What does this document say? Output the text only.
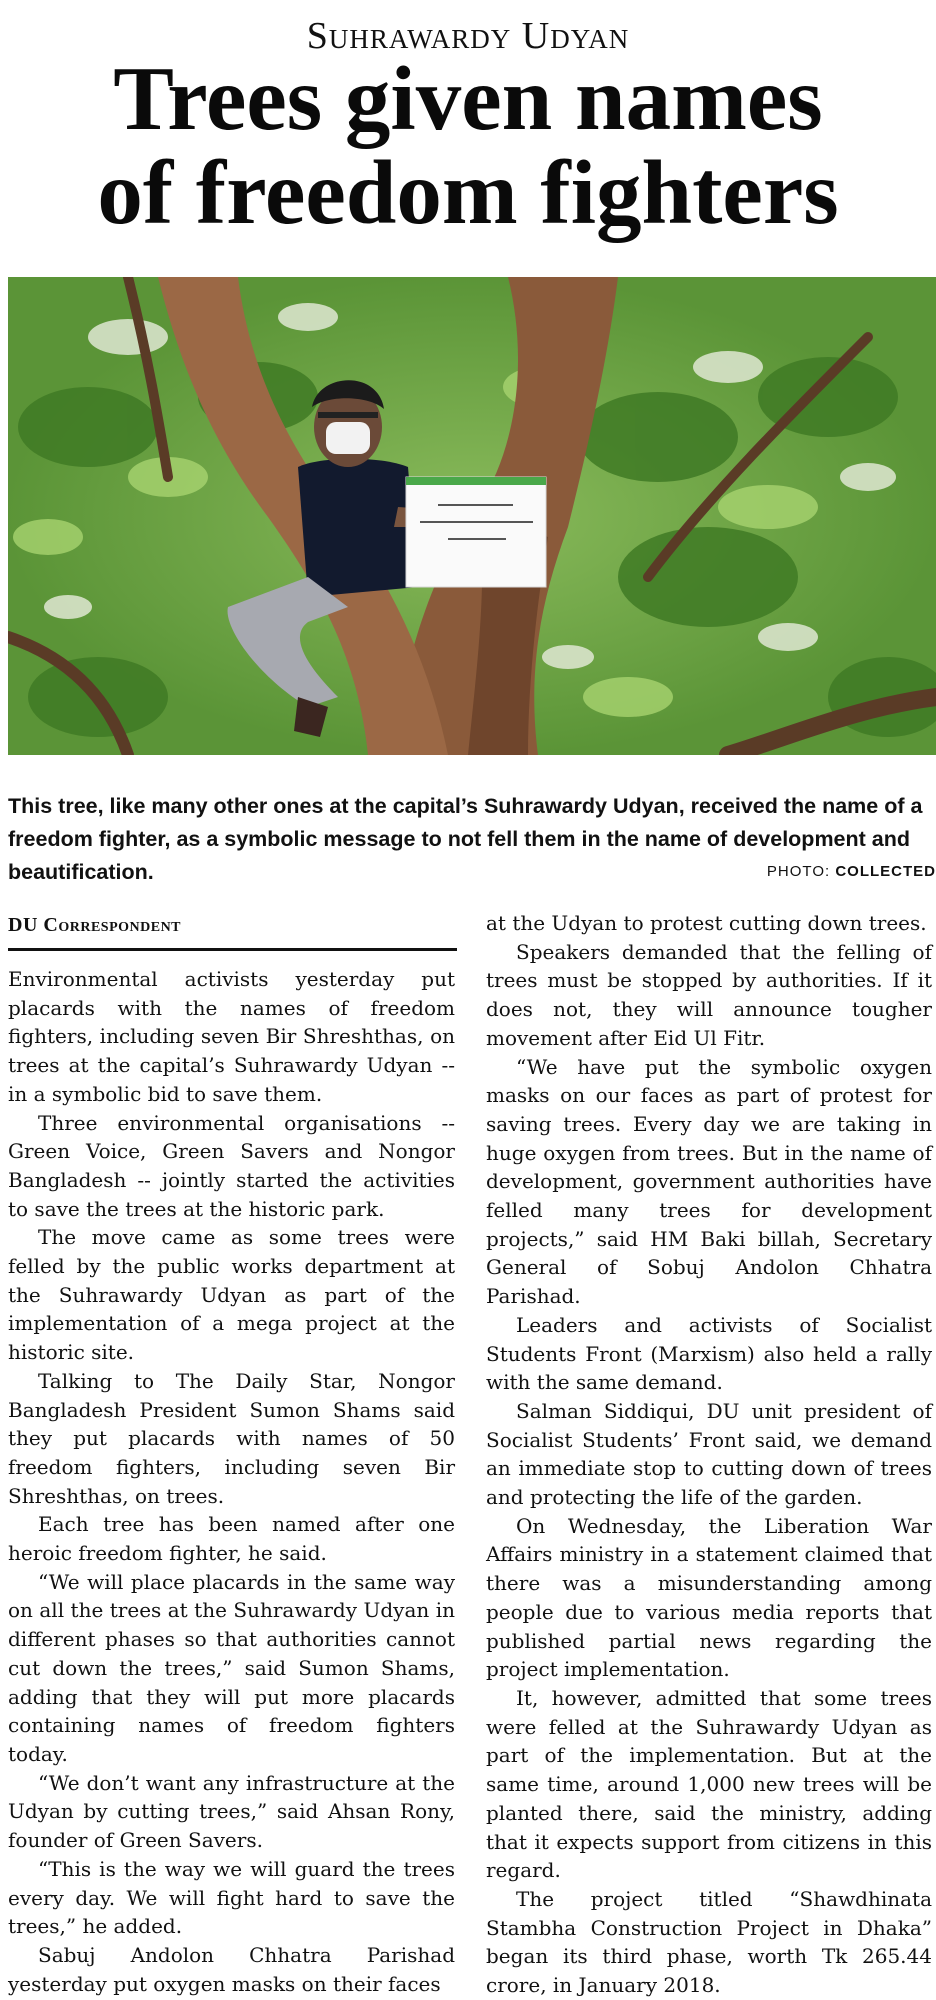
Suhrawardy Udyan
Trees given names
of freedom fighters
This tree, like many other ones at the capital’s Suhrawardy Udyan, received the name of a freedom fighter, as a symbolic message to not fell them in the name of development and beautification.	PHOTO: COLLECTED
DU Correspondent

Environmental activists yesterday put placards with the names of freedom fighters, including seven Bir Shreshthas, on trees at the capital’s Suhrawardy Udyan -- in a symbolic bid to save them.

Three environmental organisations -- Green Voice, Green Savers and Nongor Bangladesh -- jointly started the activities to save the trees at the historic park.

The move came as some trees were felled by the public works department at the Suhrawardy Udyan as part of the implementation of a mega project at the historic site.

Talking to The Daily Star, Nongor Bangladesh President Sumon Shams said they put placards with names of 50 freedom fighters, including seven Bir Shreshthas, on trees.

Each tree has been named after one heroic freedom fighter, he said.

“We will place placards in the same way on all the trees at the Suhrawardy Udyan in different phases so that authorities cannot cut down the trees,” said Sumon Shams, adding that they will put more placards containing names of freedom fighters today.

“We don’t want any infrastructure at the Udyan by cutting trees,” said Ahsan Rony, founder of Green Savers.

“This is the way we will guard the trees every day. We will fight hard to save the trees,” he added.

Sabuj Andolon Chhatra Parishad yesterday put oxygen masks on their faces

at the Udyan to protest cutting down trees.

Speakers demanded that the felling of trees must be stopped by authorities. If it does not, they will announce tougher movement after Eid Ul Fitr.

“We have put the symbolic oxygen masks on our faces as part of protest for saving trees. Every day we are taking in huge oxygen from trees. But in the name of development, government authorities have felled many trees for development projects,” said HM Baki billah, Secretary General of Sobuj Andolon Chhatra Parishad.

Leaders and activists of Socialist Students Front (Marxism) also held a rally with the same demand.

Salman Siddiqui, DU unit president of Socialist Students’ Front said, we demand an immediate stop to cutting down of trees and protecting the life of the garden.

On Wednesday, the Liberation War Affairs ministry in a statement claimed that there was a misunderstanding among people due to various media reports that published partial news regarding the project implementation.

It, however, admitted that some trees were felled at the Suhrawardy Udyan as part of the implementation. But at the same time, around 1,000 new trees will be planted there, said the ministry, adding that it expects support from citizens in this regard.

The project titled “Shawdhinata Stambha Construction Project in Dhaka” began its third phase, worth Tk 265.44 crore, in January 2018.
